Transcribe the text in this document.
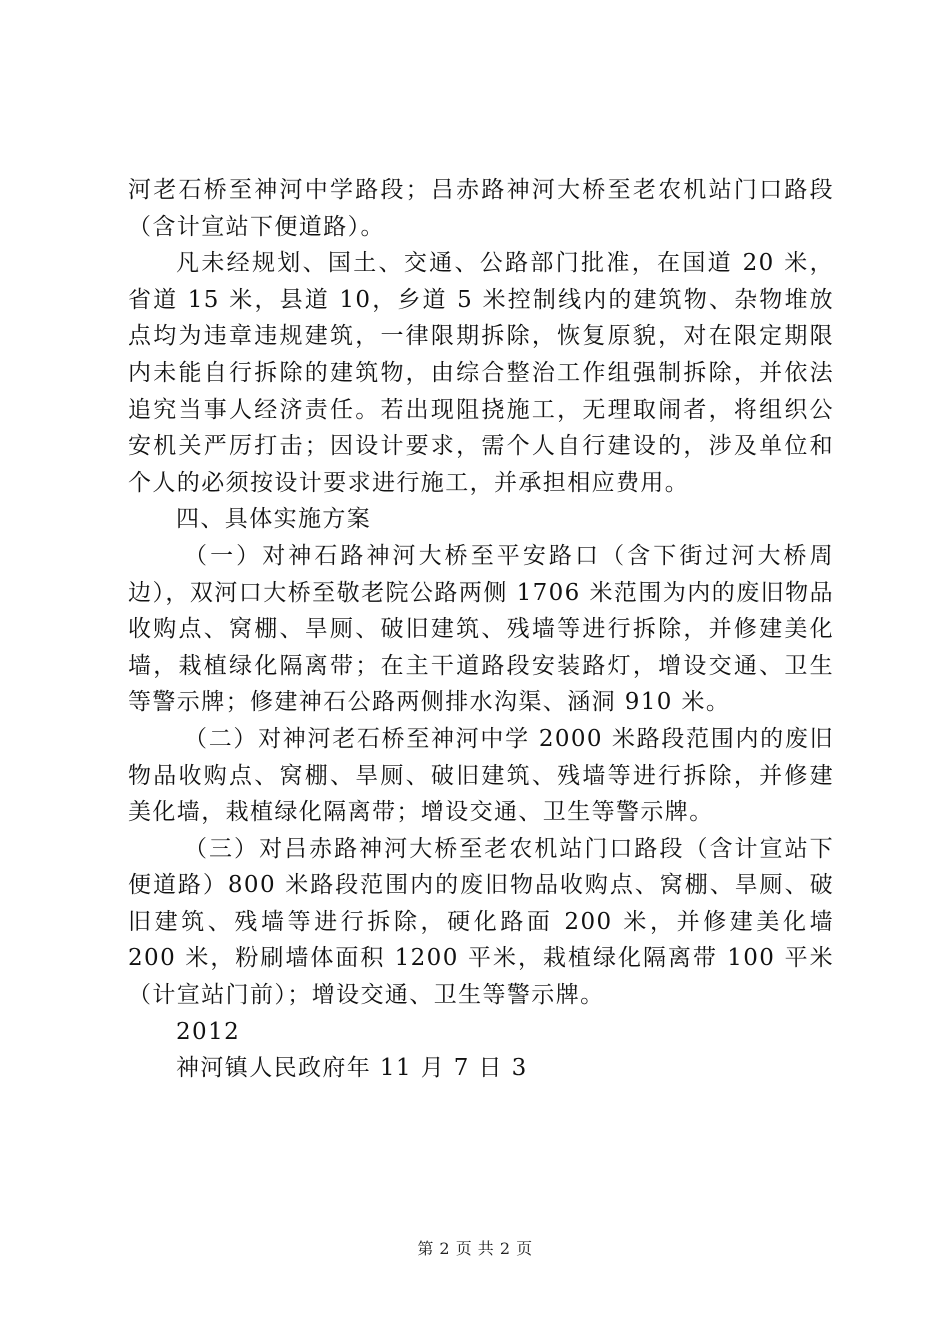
河老石桥至神河中学路段；吕赤路神河大桥至老农机站门口路段（含计宣站下便道路）。

凡未经规划、国土、交通、公路部门批准，在国道 20 米，省道 15 米，县道 10，乡道 5 米控制线内的建筑物、杂物堆放点均为违章违规建筑，一律限期拆除，恢复原貌，对在限定期限内未能自行拆除的建筑物，由综合整治工作组强制拆除，并依法追究当事人经济责任。若出现阻挠施工，无理取闹者，将组织公安机关严厉打击；因设计要求，需个人自行建设的，涉及单位和个人的必须按设计要求进行施工，并承担相应费用。

四、具体实施方案

（一）对神石路神河大桥至平安路口（含下街过河大桥周边），双河口大桥至敬老院公路两侧 1706 米范围为内的废旧物品收购点、窝棚、旱厕、破旧建筑、残墙等进行拆除，并修建美化墙，栽植绿化隔离带；在主干道路段安装路灯，增设交通、卫生等警示牌；修建神石公路两侧排水沟渠、涵洞 910 米。

（二）对神河老石桥至神河中学 2000 米路段范围内的废旧物品收购点、窝棚、旱厕、破旧建筑、残墙等进行拆除，并修建美化墙，栽植绿化隔离带；增设交通、卫生等警示牌。

（三）对吕赤路神河大桥至老农机站门口路段（含计宣站下便道路）800 米路段范围内的废旧物品收购点、窝棚、旱厕、破旧建筑、残墙等进行拆除，硬化路面 200 米，并修建美化墙 200 米，粉刷墙体面积 1200 平米，栽植绿化隔离带 100 平米（计宣站门前）；增设交通、卫生等警示牌。

2012

神河镇人民政府年 11 月 7 日 3

第 2 页 共 2 页
